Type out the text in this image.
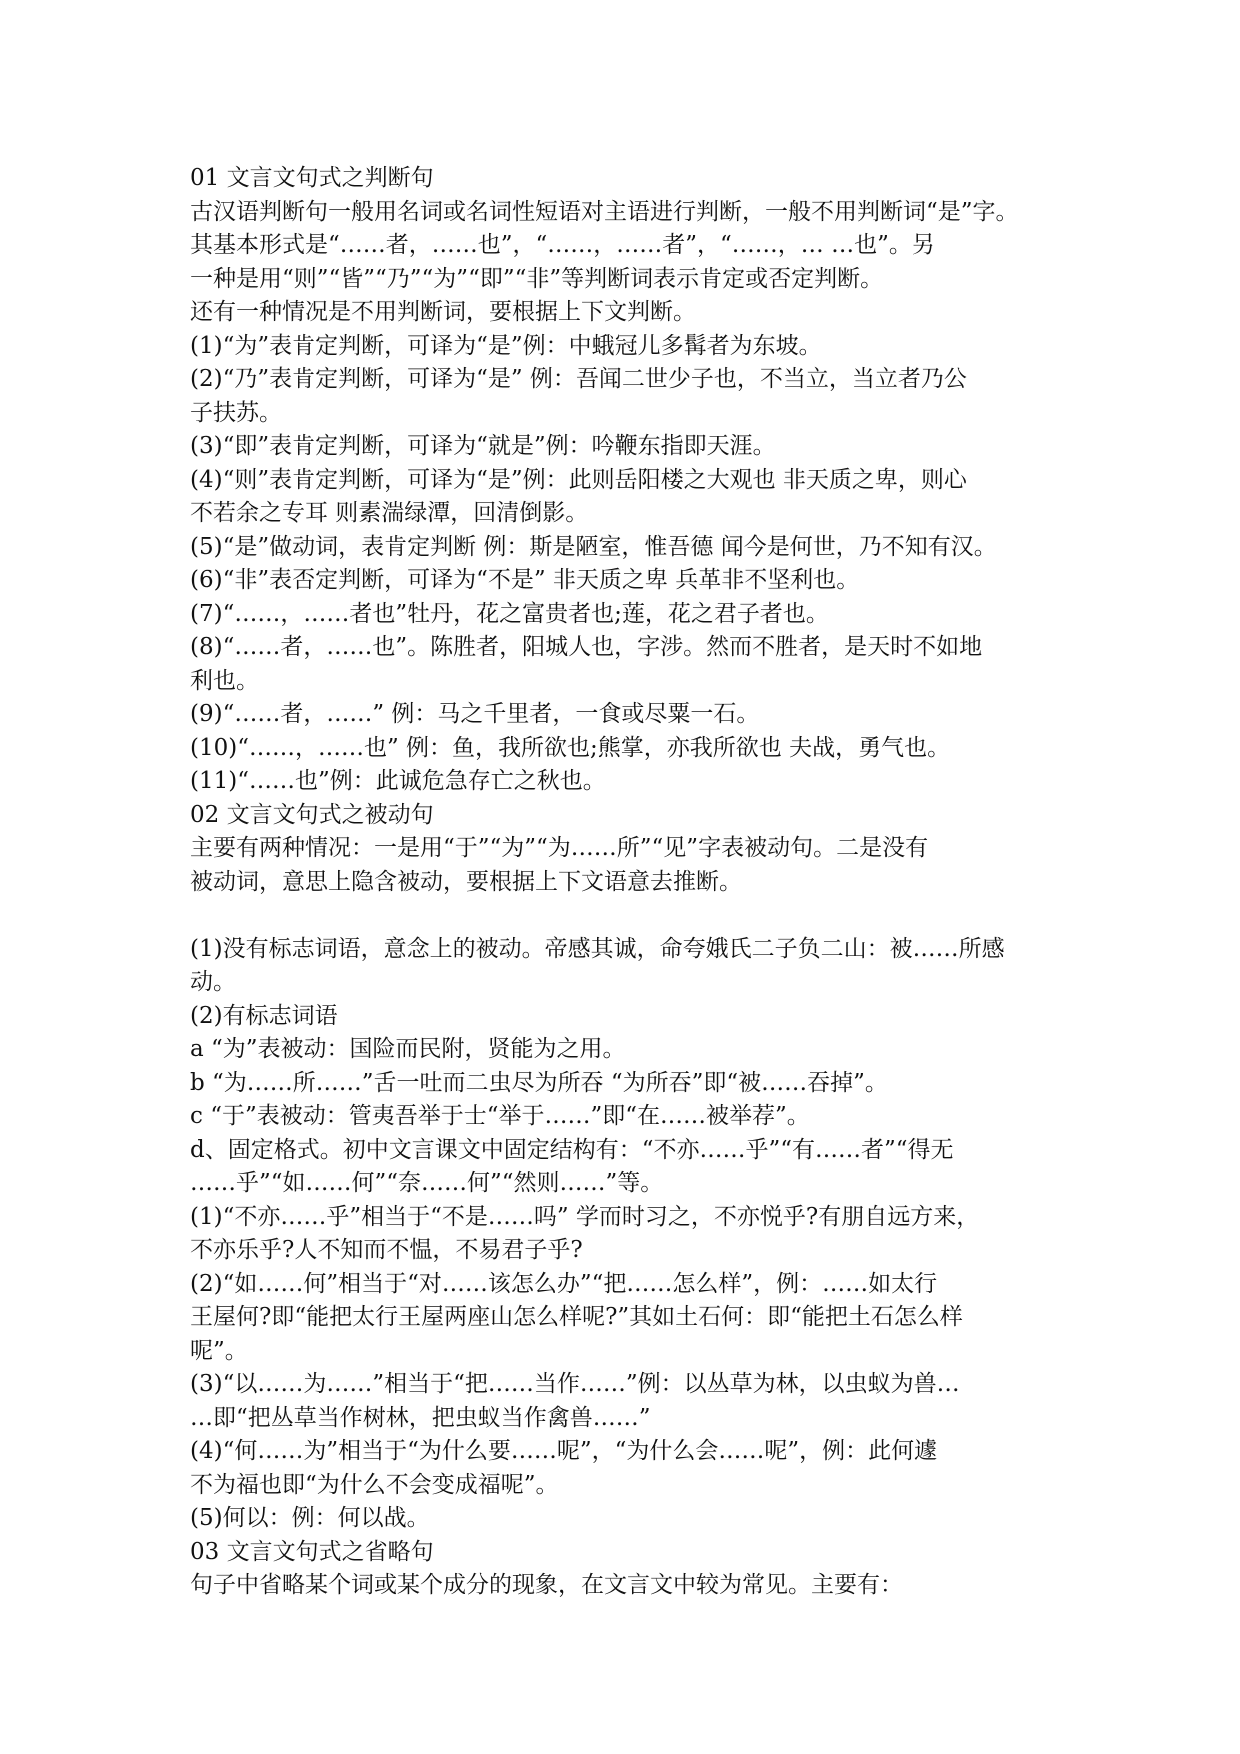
01 文言文句式之判断句
古汉语判断句一般用名词或名词性短语对主语进行判断，一般不用判断词“是”字。
其基本形式是“……者，……也”，“……，……者”，“……，… …也”。另
一种是用“则”“皆”“乃”“为”“即”“非”等判断词表示肯定或否定判断。
还有一种情况是不用判断词，要根据上下文判断。
(1)“为”表肯定判断，可译为“是”例：中蛾冠儿多髯者为东坡。
(2)“乃”表肯定判断，可译为“是” 例：吾闻二世少子也，不当立，当立者乃公
子扶苏。
(3)“即”表肯定判断，可译为“就是”例：吟鞭东指即天涯。
(4)“则”表肯定判断，可译为“是”例：此则岳阳楼之大观也 非天质之卑，则心
不若余之专耳 则素湍绿潭，回清倒影。
(5)“是”做动词，表肯定判断 例：斯是陋室，惟吾德 闻今是何世，乃不知有汉。
(6)“非”表否定判断，可译为“不是” 非天质之卑 兵革非不坚利也。
(7)“……，……者也”牡丹，花之富贵者也;莲，花之君子者也。
(8)“……者，……也”。陈胜者，阳城人也，字涉。然而不胜者，是天时不如地
利也。
(9)“……者，……” 例：马之千里者，一食或尽粟一石。
(10)“……，……也” 例：鱼，我所欲也;熊掌，亦我所欲也 夫战，勇气也。
(11)“……也”例：此诚危急存亡之秋也。
02 文言文句式之被动句
主要有两种情况：一是用“于”“为”“为……所”“见”字表被动句。二是没有
被动词，意思上隐含被动，要根据上下文语意去推断。
(1)没有标志词语，意念上的被动。帝感其诚，命夸娥氏二子负二山：被……所感
动。
(2)有标志词语
a “为”表被动：国险而民附，贤能为之用。
b “为……所……”舌一吐而二虫尽为所吞 “为所吞”即“被……吞掉”。
c “于”表被动：管夷吾举于士“举于……”即“在……被举荐”。
d、固定格式。初中文言课文中固定结构有：“不亦……乎”“有……者”“得无
……乎”“如……何”“奈……何”“然则……”等。
(1)“不亦……乎”相当于“不是……吗” 学而时习之，不亦悦乎?有朋自远方来，
不亦乐乎?人不知而不愠，不易君子乎?
(2)“如……何”相当于“对……该怎么办”“把……怎么样”，例：……如太行
王屋何?即“能把太行王屋两座山怎么样呢?”其如土石何：即“能把土石怎么样
呢”。
(3)“以……为……”相当于“把……当作……”例：以丛草为林，以虫蚁为兽…
…即“把丛草当作树林，把虫蚁当作禽兽……”
(4)“何……为”相当于“为什么要……呢”，“为什么会……呢”，例：此何遽
不为福也即“为什么不会变成福呢”。
(5)何以：例：何以战。
03 文言文句式之省略句
句子中省略某个词或某个成分的现象，在文言文中较为常见。主要有：
